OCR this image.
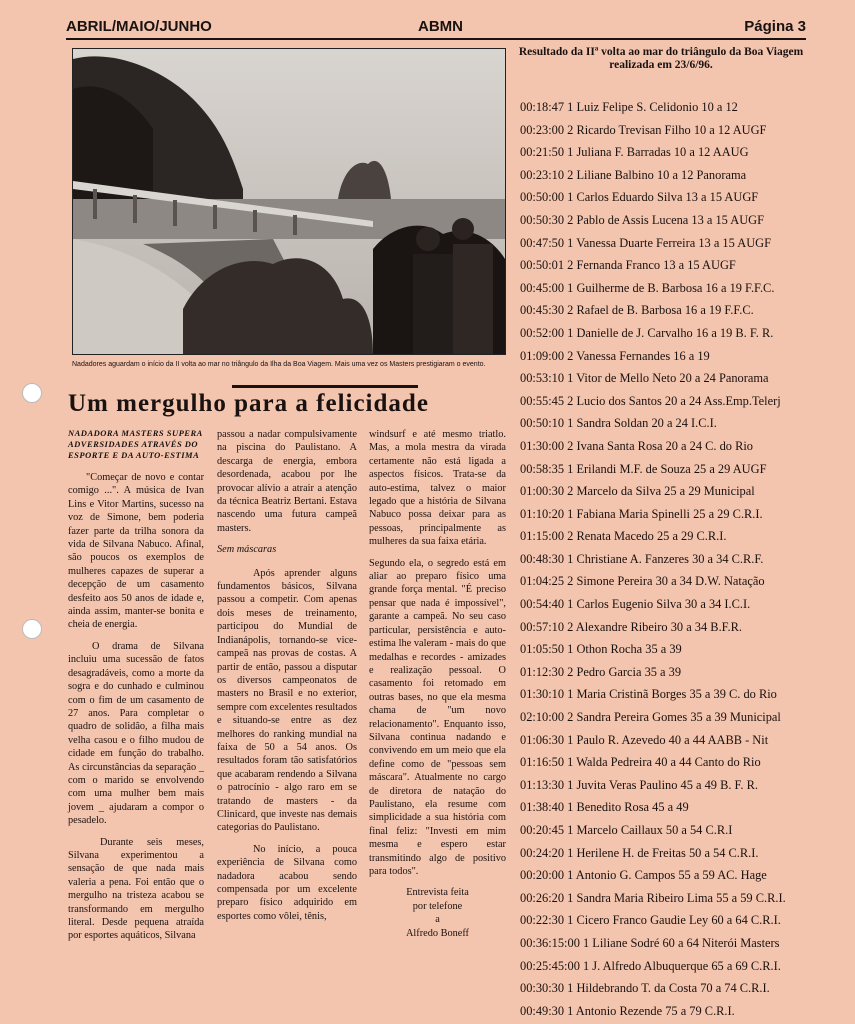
ABRIL/MAIO/JUNHO	ABMN	Página 3
Nadadores aguardam o início da II volta ao mar no triângulo da Ilha da Boa Viagem. Mais uma vez os Masters prestigiaram o evento.
Um mergulho para a felicidade
NADADORA MASTERS SUPERA ADVERSIDADES ATRAVÉS DO ESPORTE E DA AUTO-ESTIMA

"Começar de novo e contar comigo ...". A música de Ivan Lins e Vitor Martins, sucesso na voz de Simone, bem poderia fazer parte da trilha sonora da vida de Silvana Nabuco. Afinal, são poucos os exemplos de mulheres capazes de superar a decepção de um casamento desfeito aos 50 anos de idade e, ainda assim, manter-se bonita e cheia de energia.

O drama de Silvana incluiu uma sucessão de fatos desagradáveis, como a morte da sogra e do cunhado e culminou com o fim de um casamento de 27 anos. Para completar o quadro de solidão, a filha mais velha casou e o filho mudou de cidade em função do trabalho. As circunstâncias da separação _ com o marido se envolvendo com uma mulher bem mais jovem _ ajudaram a compor o pesadelo.

Durante seis meses, Silvana experimentou a sensação de que nada mais valeria a pena. Foi então que o mergulho na tristeza acabou se transformando em mergulho literal. Desde pequena atraída por esportes aquáticos, Silvana

passou a nadar compulsivamente na piscina do Paulistano. A descarga de energia, embora desordenada, acabou por lhe provocar alívio a atrair a atenção da técnica Beatriz Bertani. Estava nascendo uma futura campeã masters.

Sem máscaras

Após aprender alguns fundamentos básicos, Silvana passou a competir. Com apenas dois meses de treinamento, participou do Mundial de Indianápolis, tornando-se vice-campeã nas provas de costas. A partir de então, passou a disputar os diversos campeonatos de masters no Brasil e no exterior, sempre com excelentes resultados e situando-se entre as dez melhores do ranking mundial na faixa de 50 a 54 anos. Os resultados foram tão satisfatórios que acabaram rendendo a Silvana o patrocínio - algo raro em se tratando de masters - da Clinicard, que investe nas demais categorias do Paulistano.

No início, a pouca experiência de Silvana como nadadora acabou sendo compensada por um excelente preparo físico adquirido em esportes como vôlei, tênis,

windsurf e até mesmo triatlo. Mas, a mola mestra da virada certamente não está ligada a aspectos físicos. Trata-se da auto-estima, talvez o maior legado que a história de Silvana Nabuco possa deixar para as pessoas, principalmente as mulheres da sua faixa etária.

Segundo ela, o segredo está em aliar ao preparo físico uma grande força mental. "É preciso pensar que nada é impossível", garante a campeã. No seu caso particular, persistência e auto-estima lhe valeram - mais do que medalhas e recordes - amizades e realização pessoal. O casamento foi retomado em outras bases, no que ela mesma chama de "um novo relacionamento". Enquanto isso, Silvana continua nadando e convivendo em um meio que ela define como de "pessoas sem máscara". Atualmente no cargo de diretora de natação do Paulistano, ela resume com simplicidade a sua história com final feliz: "Investi em mim mesma e espero estar transmitindo algo de positivo para todos".

Entrevista feita
por telefone
a
Alfredo Boneff
Resultado da IIª volta ao mar do triângulo da Boa Viagem realizada em 23/6/96.
00:18:47 1 Luiz Felipe S. Celidonio 10 a 12
00:23:00 2 Ricardo Trevisan Filho 10 a 12 AUGF
00:21:50 1 Juliana F. Barradas 10 a 12 AAUG
00:23:10 2 Liliane Balbino 10 a 12 Panorama
00:50:00 1 Carlos Eduardo Silva 13 a 15 AUGF
00:50:30 2 Pablo de Assis Lucena 13 a 15 AUGF
00:47:50 1 Vanessa Duarte Ferreira 13 a 15 AUGF
00:50:01 2 Fernanda Franco 13 a 15 AUGF
00:45:00 1 Guilherme de B. Barbosa 16 a 19 F.F.C.
00:45:30 2 Rafael de B. Barbosa 16 a 19 F.F.C.
00:52:00 1 Danielle de J. Carvalho 16 a 19 B. F. R.
01:09:00 2 Vanessa Fernandes 16 a 19
00:53:10 1 Vitor de Mello Neto 20 a 24 Panorama
00:55:45 2 Lucio dos Santos 20 a 24 Ass.Emp.Telerj
00:50:10 1 Sandra Soldan 20 a 24 I.C.I.
01:30:00 2 Ivana Santa Rosa 20 a 24 C. do Rio
00:58:35 1 Erilandi M.F. de Souza 25 a 29 AUGF
01:00:30 2 Marcelo da Silva 25 a 29 Municipal
01:10:20 1 Fabiana Maria Spinelli 25 a 29 C.R.I.
01:15:00 2 Renata Macedo 25 a 29 C.R.I.
00:48:30 1 Christiane A. Fanzeres 30 a 34 C.R.F.
01:04:25 2 Simone Pereira 30 a 34 D.W. Natação
00:54:40 1 Carlos Eugenio Silva 30 a 34 I.C.I.
00:57:10 2 Alexandre Ribeiro 30 a 34 B.F.R.
01:05:50 1 Othon Rocha 35 a 39
01:12:30 2 Pedro Garcia 35 a 39
01:30:10 1 Maria Cristinã Borges 35 a 39 C. do Rio
02:10:00 2 Sandra Pereira Gomes 35 a 39 Municipal
01:06:30 1 Paulo R. Azevedo 40 a 44 AABB - Nit
01:16:50 1 Walda Pedreira 40 a 44 Canto do Rio
01:13:30 1 Juvita Veras Paulino 45 a 49 B. F. R.
01:38:40 1 Benedito Rosa 45 a 49
00:20:45 1 Marcelo Caillaux 50 a 54 C.R.I
00:24:20 1 Herilene H. de Freitas 50 a 54 C.R.I.
00:20:00 1 Antonio G. Campos 55 a 59 AC. Hage
00:26:20 1 Sandra Maria Ribeiro Lima 55 a 59 C.R.I.
00:22:30 1 Cicero Franco Gaudie Ley 60 a 64 C.R.I.
00:36:15:00 1 Liliane Sodré 60 a 64 Niterói Masters
00:25:45:00 1 J. Alfredo Albuquerque 65 a 69 C.R.I.
00:30:30 1 Hildebrando T. da Costa 70 a 74 C.R.I.
00:49:30 1 Antonio Rezende 75 a 79 C.R.I.
